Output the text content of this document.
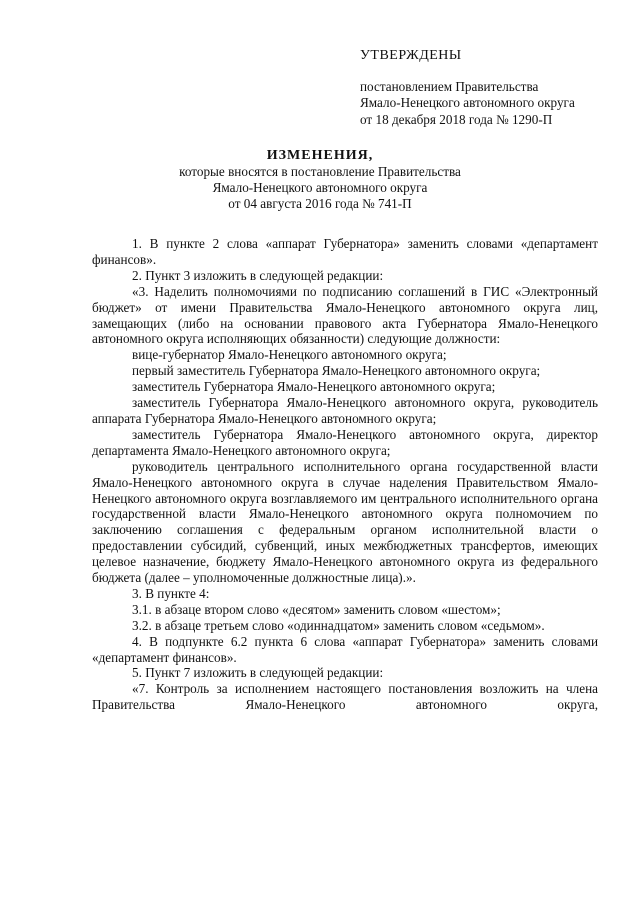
УТВЕРЖДЕНЫ
постановлением Правительства
Ямало-Ненецкого автономного округа
от 18 декабря 2018 года № 1290-П
ИЗМЕНЕНИЯ,
которые вносятся в постановление Правительства
Ямало-Ненецкого автономного округа
от 04 августа 2016 года № 741-П

1. В пункте 2 слова «аппарат Губернатора» заменить словами «департамент финансов».

2. Пункт 3 изложить в следующей редакции:

«3. Наделить полномочиями по подписанию соглашений в ГИС «Электронный бюджет» от имени Правительства Ямало-Ненецкого автономного округа лиц, замещающих (либо на основании правового акта Губернатора Ямало-Ненецкого автономного округа исполняющих обязанности) следующие должности:

вице-губернатор Ямало-Ненецкого автономного округа;

первый заместитель Губернатора Ямало-Ненецкого автономного округа;

заместитель Губернатора Ямало-Ненецкого автономного округа;

заместитель Губернатора Ямало-Ненецкого автономного округа, руководитель аппарата Губернатора Ямало-Ненецкого автономного округа;

заместитель Губернатора Ямало-Ненецкого автономного округа, директор департамента Ямало-Ненецкого автономного округа;

руководитель центрального исполнительного органа государственной власти Ямало-Ненецкого автономного округа в случае наделения Правительством Ямало-Ненецкого автономного округа возглавляемого им центрального исполнительного органа государственной власти Ямало-Ненецкого автономного округа полномочием по заключению соглашения с федеральным органом исполнительной власти о предоставлении субсидий, субвенций, иных межбюджетных трансфертов, имеющих целевое назначение, бюджету Ямало-Ненецкого автономного округа из федерального бюджета (далее – уполномоченные должностные лица).».

3. В пункте 4:

3.1. в абзаце втором слово «десятом» заменить словом «шестом»;

3.2. в абзаце третьем слово «одиннадцатом» заменить словом «седьмом».

4. В подпункте 6.2 пункта 6 слова «аппарат Губернатора» заменить словами «департамент финансов».

5. Пункт 7 изложить в следующей редакции:

«7. Контроль за исполнением настоящего постановления возложить на члена Правительства Ямало-Ненецкого автономного округа,
